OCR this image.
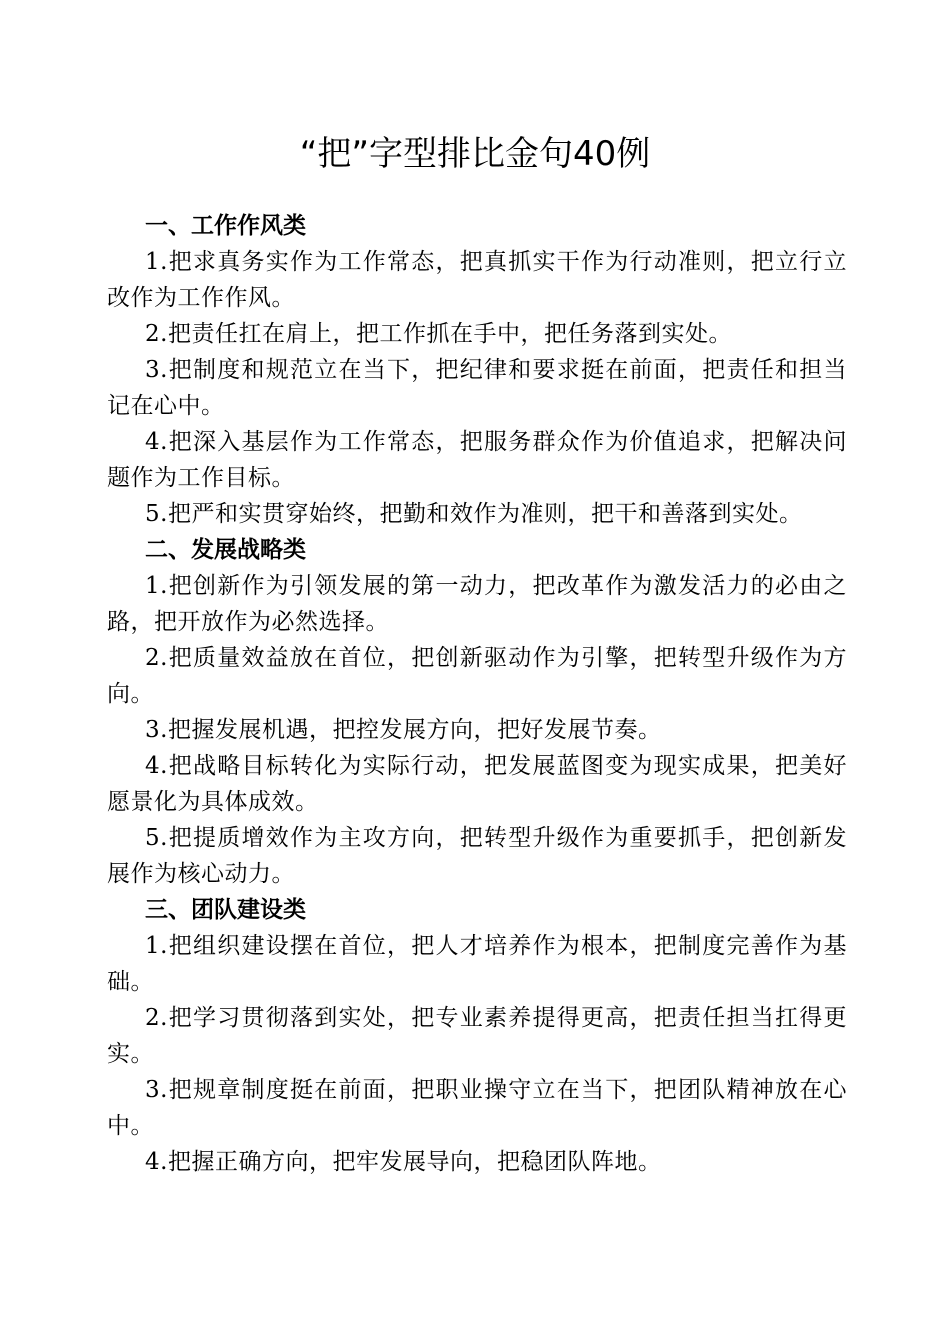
“把”字型排比金句40例
一、工作作风类

1.把求真务实作为工作常态，把真抓实干作为行动准则，把立行立改作为工作作风。

2.把责任扛在肩上，把工作抓在手中，把任务落到实处。

3.把制度和规范立在当下，把纪律和要求挺在前面，把责任和担当记在心中。

4.把深入基层作为工作常态，把服务群众作为价值追求，把解决问题作为工作目标。

5.把严和实贯穿始终，把勤和效作为准则，把干和善落到实处。

二、发展战略类

1.把创新作为引领发展的第一动力，把改革作为激发活力的必由之路，把开放作为必然选择。

2.把质量效益放在首位，把创新驱动作为引擎，把转型升级作为方向。

3.把握发展机遇，把控发展方向，把好发展节奏。

4.把战略目标转化为实际行动，把发展蓝图变为现实成果，把美好愿景化为具体成效。

5.把提质增效作为主攻方向，把转型升级作为重要抓手，把创新发展作为核心动力。

三、团队建设类

1.把组织建设摆在首位，把人才培养作为根本，把制度完善作为基础。

2.把学习贯彻落到实处，把专业素养提得更高，把责任担当扛得更实。

3.把规章制度挺在前面，把职业操守立在当下，把团队精神放在心中。

4.把握正确方向，把牢发展导向，把稳团队阵地。
